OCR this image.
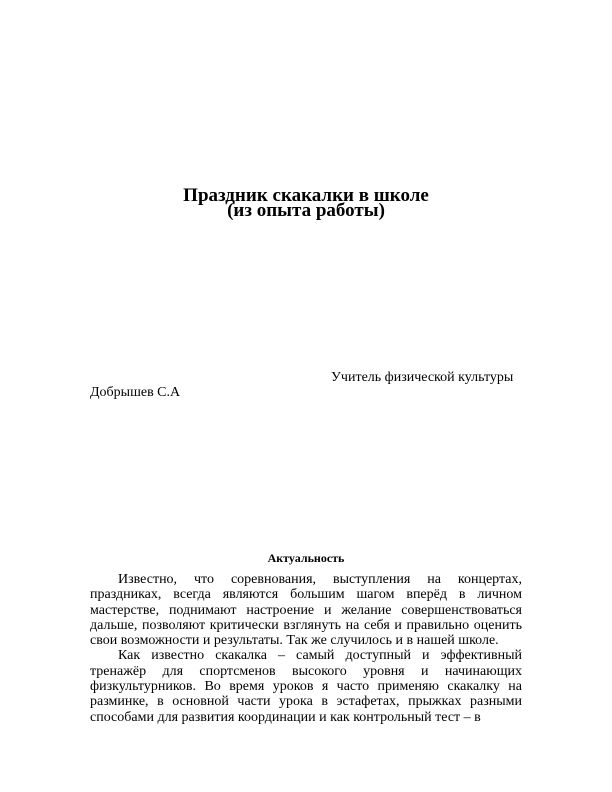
Праздник скакалки в школе
(из опыта работы)
Учитель физической культуры
Добрышев С.А
Актуальность

Известно, что соревнования, выступления на концертах, праздниках, всегда являются большим шагом вперёд в личном мастерстве, поднимают настроение и желание совершенствоваться дальше, позволяют критически взглянуть на себя и правильно оценить свои возможности и результаты. Так же случилось и в нашей школе.

Как известно скакалка – самый доступный и эффективный тренажёр для спортсменов высокого уровня и начинающих физкультурников. Во время уроков я часто применяю скакалку на разминке, в основной части урока в эстафетах, прыжках разными способами для развития координации и как контрольный тест – в
